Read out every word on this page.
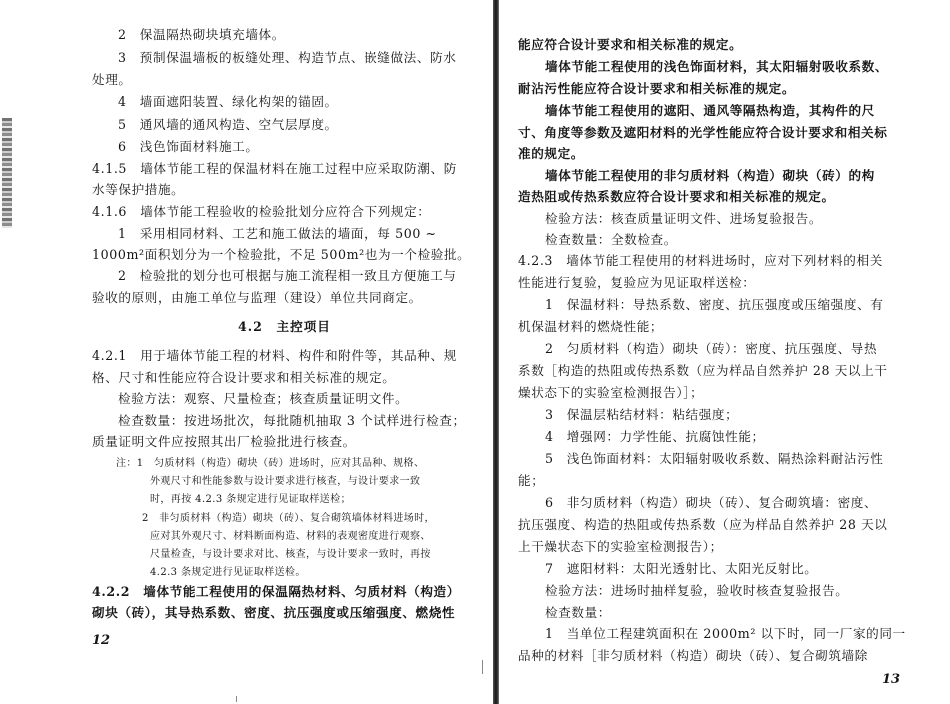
2　保温隔热砌块填充墙体。

3　预制保温墙板的板缝处理、构造节点、嵌缝做法、防水

处理。

4　墙面遮阳装置、绿化构架的锚固。

5　通风墙的通风构造、空气层厚度。

6　浅色饰面材料施工。

4.1.5　墙体节能工程的保温材料在施工过程中应采取防潮、防

水等保护措施。

4.1.6　墙体节能工程验收的检验批划分应符合下列规定：

1　采用相同材料、工艺和施工做法的墙面，每 500 ~

1000m²面积划分为一个检验批，不足 500m²也为一个检验批。

2　检验批的划分也可根据与施工流程相一致且方便施工与

验收的原则，由施工单位与监理（建设）单位共同商定。

4.2　主控项目

4.2.1　用于墙体节能工程的材料、构件和附件等，其品种、规

格、尺寸和性能应符合设计要求和相关标准的规定。

检验方法：观察、尺量检查；核查质量证明文件。

检查数量：按进场批次，每批随机抽取 3 个试样进行检查；

质量证明文件应按照其出厂检验批进行核查。

注：1　匀质材料（构造）砌块（砖）进场时，应对其品种、规格、

外观尺寸和性能参数与设计要求进行核查，与设计要求一致

时，再按 4.2.3 条规定进行见证取样送检；

2　非匀质材料（构造）砌块（砖）、复合砌筑墙体材料进场时，

应对其外观尺寸、材料断面构造、材料的表观密度进行观察、

尺量检查，与设计要求对比、核查，与设计要求一致时，再按

4.2.3 条规定进行见证取样送检。

4.2.2　墙体节能工程使用的保温隔热材料、匀质材料（构造）

砌块（砖），其导热系数、密度、抗压强度或压缩强度、燃烧性

12

能应符合设计要求和相关标准的规定。

墙体节能工程使用的浅色饰面材料，其太阳辐射吸收系数、

耐沾污性能应符合设计要求和相关标准的规定。

墙体节能工程使用的遮阳、通风等隔热构造，其构件的尺

寸、角度等参数及遮阳材料的光学性能应符合设计要求和相关标

准的规定。

墙体节能工程使用的非匀质材料（构造）砌块（砖）的构

造热阻或传热系数应符合设计要求和相关标准的规定。

检验方法：核查质量证明文件、进场复验报告。

检查数量：全数检查。

4.2.3　墙体节能工程使用的材料进场时，应对下列材料的相关

性能进行复验，复验应为见证取样送检：

1　保温材料：导热系数、密度、抗压强度或压缩强度、有

机保温材料的燃烧性能；

2　匀质材料（构造）砌块（砖）：密度、抗压强度、导热

系数［构造的热阻或传热系数（应为样品自然养护 28 天以上干

燥状态下的实验室检测报告）］；

3　保温层粘结材料：粘结强度；

4　增强网：力学性能、抗腐蚀性能；

5　浅色饰面材料：太阳辐射吸收系数、隔热涂料耐沾污性

能；

6　非匀质材料（构造）砌块（砖）、复合砌筑墙：密度、

抗压强度、构造的热阻或传热系数（应为样品自然养护 28 天以

上干燥状态下的实验室检测报告）；

7　遮阳材料：太阳光透射比、太阳光反射比。

检验方法：进场时抽样复验，验收时核查复验报告。

检查数量：

1　当单位工程建筑面积在 2000m² 以下时，同一厂家的同一

品种的材料［非匀质材料（构造）砌块（砖）、复合砌筑墙除

13
